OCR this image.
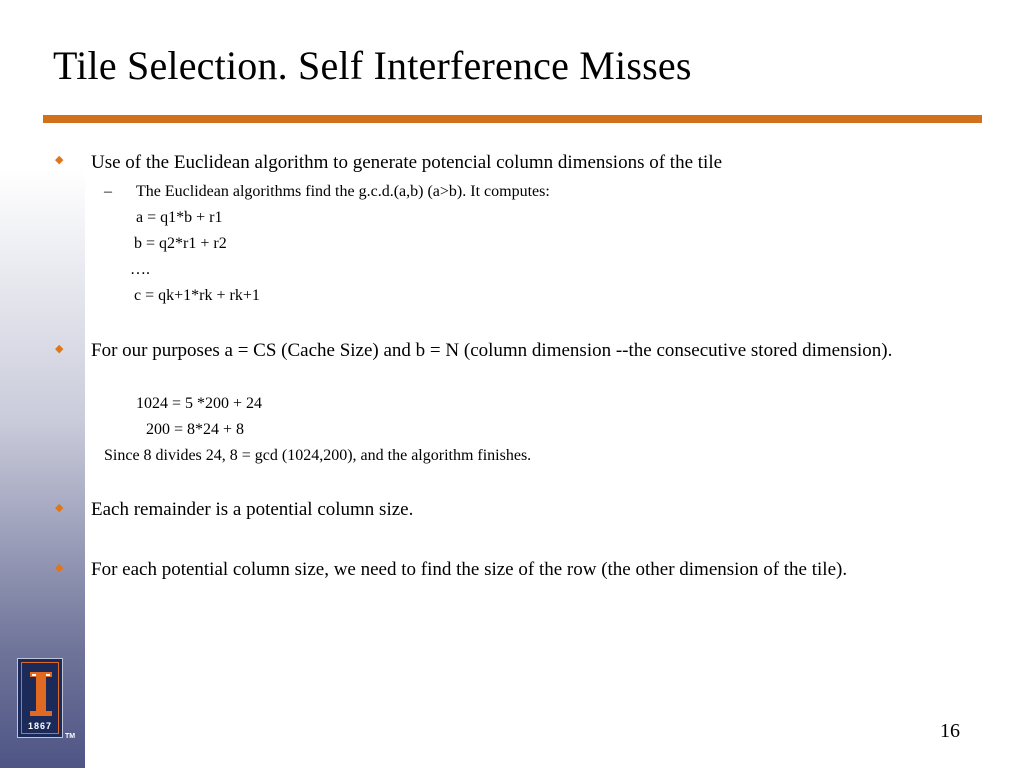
1867
TM
Tile Selection. Self Interference Misses
◆ Use of the Euclidean algorithm to generate potencial column dimensions of the tile
– The Euclidean algorithms find the g.c.d.(a,b) (a>b). It computes:
a = q1*b + r1
b = q2*r1 + r2
….
c = qk+1*rk + rk+1
◆ For our purposes a = CS (Cache Size) and b = N (column dimension --the consecutive stored dimension).
1024 = 5 *200 + 24
200 = 8*24 + 8
Since 8 divides 24, 8 = gcd (1024,200), and the algorithm finishes.
◆ Each remainder is a potential column size.
◆ For each potential column size, we need to find the size of the row (the other dimension of the tile).
16
